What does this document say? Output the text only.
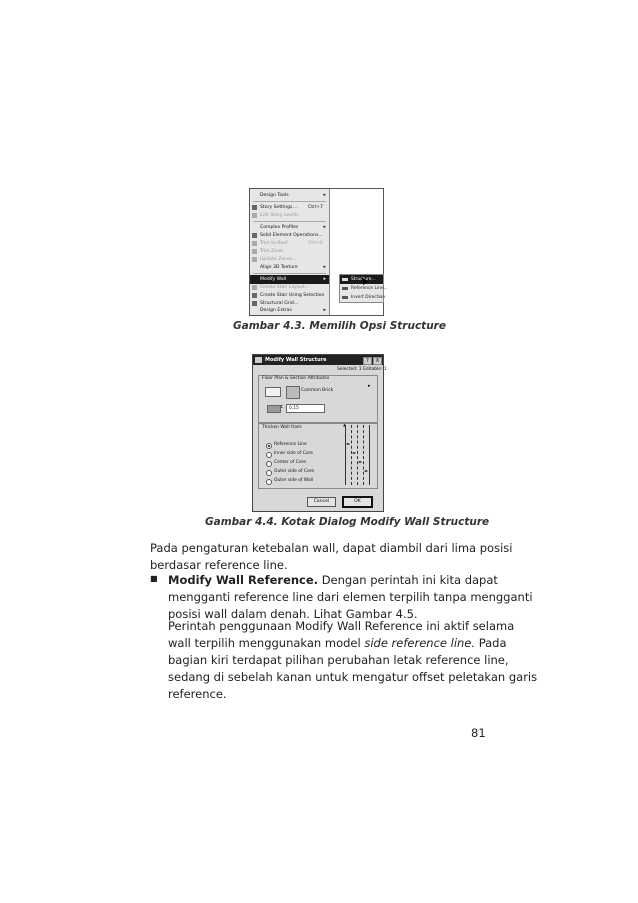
Design Tools	▸
Story Settings... Ctrl+7
Edit Story Levels
Complex Profiles	▸
Solid Element Operations...
Trim to Roof	Ctrl+0
Trim Zone
Update Zones...
Align 3D Texture	▸
Modify Wall	▸
Create Stair Layout...
Create Stair Using Selection
Structural Grid...
Design Extras	▸
Structure...
Reference Line...
Invert Direction
Gambar 4.3. Memilih Opsi Structure
Modify Wall Structure	?	X
Selected: 1 Editable: 1
Floor Plan & Section Attributes
Common Brick
▸
↕	0,15
Thicken Wall from:
Reference Line
Inner side of Core
Center of Core
Outer side of Core
Outer side of Wall
▲
◂▸
◂▸
◂▸
◂▸
Cancel	OK
Gambar 4.4. Kotak Dialog Modify Wall Structure
Pada pengaturan ketebalan wall, dapat diambil dari lima posisi
berdasar reference line.
■ Modify Wall Reference. Dengan perintah ini kita dapat
mengganti reference line dari elemen terpilih tanpa mengganti
posisi wall dalam denah. Lihat Gambar 4.5.
Perintah penggunaan Modify Wall Reference ini aktif selama
wall terpilih menggunakan model side reference line. Pada
bagian kiri terdapat pilihan perubahan letak reference line,
sedang di sebelah kanan untuk mengatur offset peletakan garis
reference.
81
